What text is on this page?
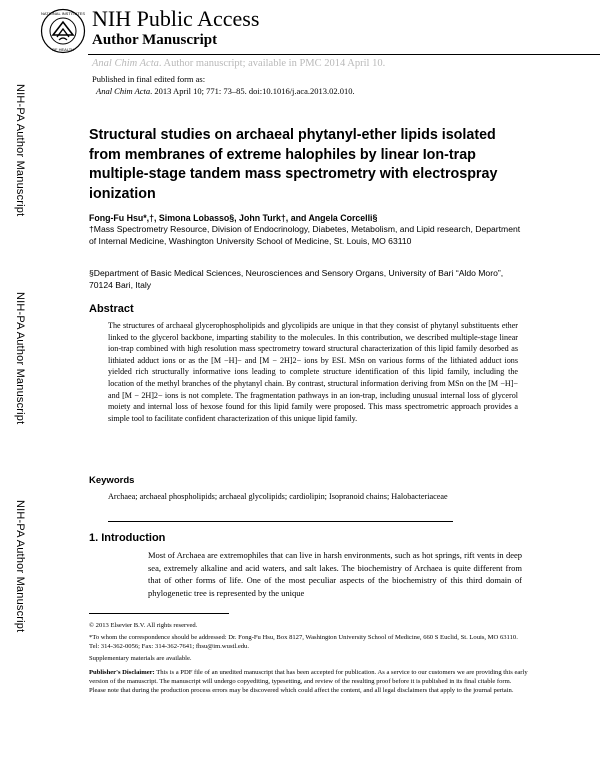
NATIONAL INSTITUTES
OF HEALTH
NIH Public Access
Author Manuscript
Anal Chim Acta. Author manuscript; available in PMC 2014 April 10.
Published in final edited form as:
Anal Chim Acta. 2013 April 10; 771: 73–85. doi:10.1016/j.aca.2013.02.010.
NIH-PA Author Manuscript
NIH-PA Author Manuscript
NIH-PA Author Manuscript
Structural studies on archaeal phytanyl-ether lipids isolated from membranes of extreme halophiles by linear Ion-trap multiple-stage tandem mass spectrometry with electrospray ionization
Fong-Fu Hsu*,†, Simona Lobasso§, John Turk†, and Angela Corcelli§
†Mass Spectrometry Resource, Division of Endocrinology, Diabetes, Metabolism, and Lipid research, Department of Internal Medicine, Washington University School of Medicine, St. Louis, MO 63110
§Department of Basic Medical Sciences, Neurosciences and Sensory Organs, University of Bari “Aldo Moro”, 70124 Bari, Italy
Abstract
The structures of archaeal glycerophospholipids and glycolipids are unique in that they consist of phytanyl substituents ether linked to the glycerol backbone, imparting stability to the molecules. In this contribution, we described multiple-stage linear ion-trap combined with high resolution mass spectrometry toward structural characterization of this lipid family desorbed as lithiated adduct ions or as the [M −H]− and [M − 2H]2− ions by ESI. MSn on various forms of the lithiated adduct ions yielded rich structurally informative ions leading to complete structure identification of this lipid family, including the location of the methyl branches of the phytanyl chain. By contrast, structural information deriving from MSn on the [M −H]− and [M − 2H]2− ions is not complete. The fragmentation pathways in an ion-trap, including unusual internal loss of glycerol moiety and internal loss of hexose found for this lipid family were proposed. This mass spectrometric approach provides a simple tool to facilitate confident characterization of this unique lipid family.
Keywords
Archaea; archaeal phospholipids; archaeal glycolipids; cardiolipin; Isopranoid chains; Halobacteriaceae
1. Introduction
Most of Archaea are extremophiles that can live in harsh environments, such as hot springs, rift vents in deep sea, extremely alkaline and acid waters, and salt lakes. The biochemistry of Archaea is quite different from that of other forms of life. One of the most peculiar aspects of the biochemistry of this third domain of phylogenetic tree is represented by the unique
© 2013 Elsevier B.V. All rights reserved.
*To whom the correspondence should be addressed: Dr. Fong-Fu Hsu, Box 8127, Washington University School of Medicine, 660 S Euclid, St. Louis, MO 63110. Tel: 314-362-0056; Fax: 314-362-7641; fhsu@im.wustl.edu.
Supplementary materials are available.
Publisher's Disclaimer: This is a PDF file of an unedited manuscript that has been accepted for publication. As a service to our customers we are providing this early version of the manuscript. The manuscript will undergo copyediting, typesetting, and review of the resulting proof before it is published in its final citable form. Please note that during the production process errors may be discovered which could affect the content, and all legal disclaimers that apply to the journal pertain.
